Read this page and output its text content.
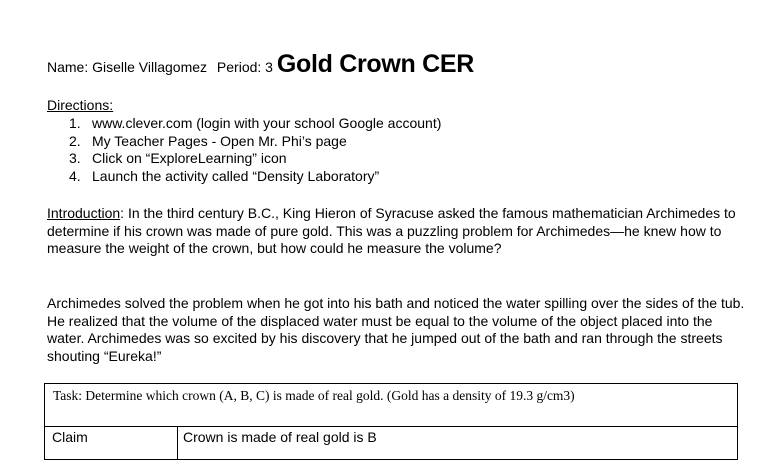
Name: Giselle Villagomez Period: 3 Gold Crown CER
Directions:
1. www.clever.com (login with your school Google account)
2. My Teacher Pages - Open Mr. Phi’s page
3. Click on “ExploreLearning” icon
4. Launch the activity called “Density Laboratory”

Introduction: In the third century B.C., King Hieron of Syracuse asked the famous mathematician Archimedes to determine if his crown was made of pure gold. This was a puzzling problem for Archimedes—he knew how to measure the weight of the crown, but how could he measure the volume?

Archimedes solved the problem when he got into his bath and noticed the water spilling over the sides of the tub. He realized that the volume of the displaced water must be equal to the volume of the object placed into the water. Archimedes was so excited by his discovery that he jumped out of the bath and ran through the streets shouting “Eureka!”

Task: Determine which crown (A, B, C) is made of real gold. (Gold has a density of 19.3 g/cm3)
Claim	Crown is made of real gold is B
